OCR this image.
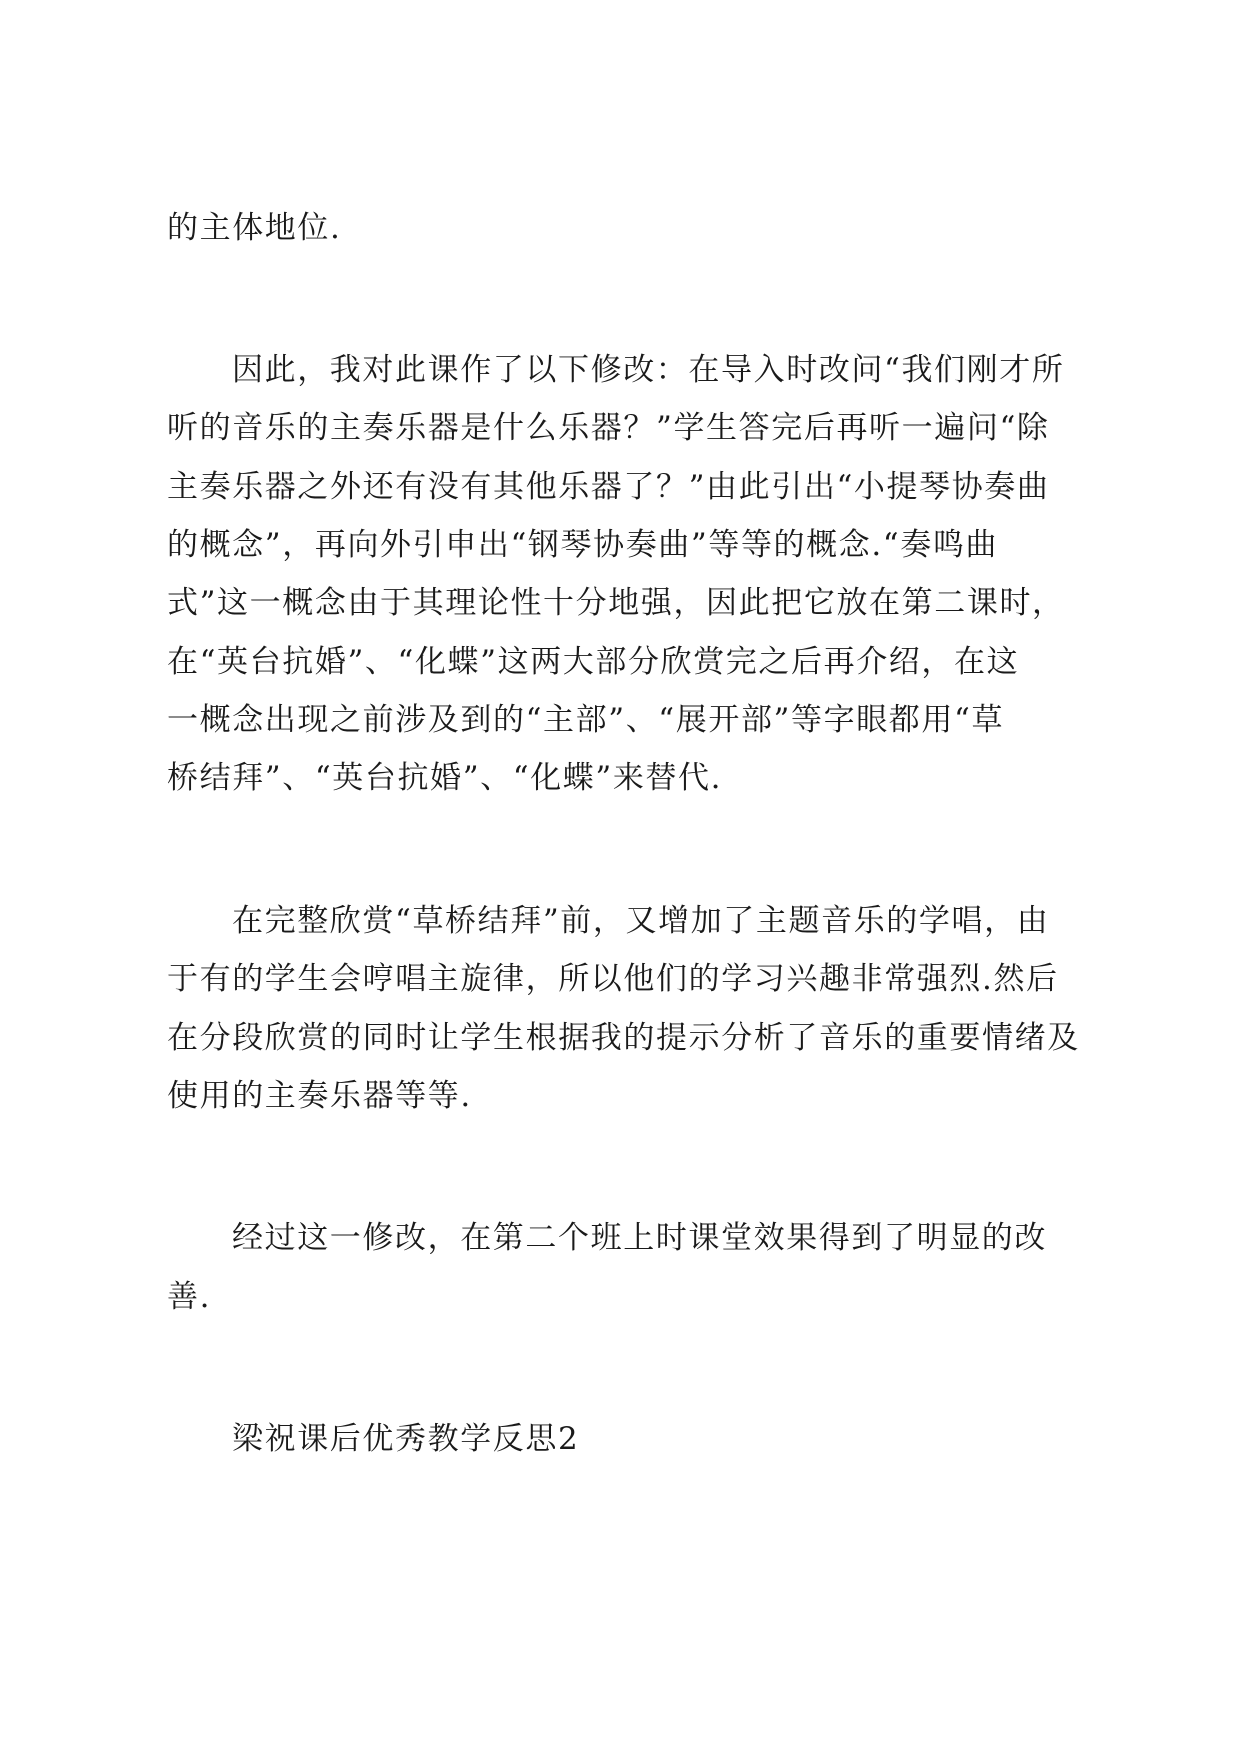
的主体地位.
因此，我对此课作了以下修改：在导入时改问“我们刚才所
听的音乐的主奏乐器是什么乐器？”学生答完后再听一遍问“除
主奏乐器之外还有没有其他乐器了？”由此引出“小提琴协奏曲
的概念”，再向外引申出“钢琴协奏曲”等等的概念.“奏鸣曲
式”这一概念由于其理论性十分地强，因此把它放在第二课时，
在“英台抗婚”、“化蝶”这两大部分欣赏完之后再介绍，在这
一概念出现之前涉及到的“主部”、“展开部”等字眼都用“草
桥结拜”、“英台抗婚”、“化蝶”来替代.
在完整欣赏“草桥结拜”前，又增加了主题音乐的学唱，由
于有的学生会哼唱主旋律，所以他们的学习兴趣非常强烈.然后
在分段欣赏的同时让学生根据我的提示分析了音乐的重要情绪及
使用的主奏乐器等等.
经过这一修改，在第二个班上时课堂效果得到了明显的改
善.
梁祝课后优秀教学反思2
